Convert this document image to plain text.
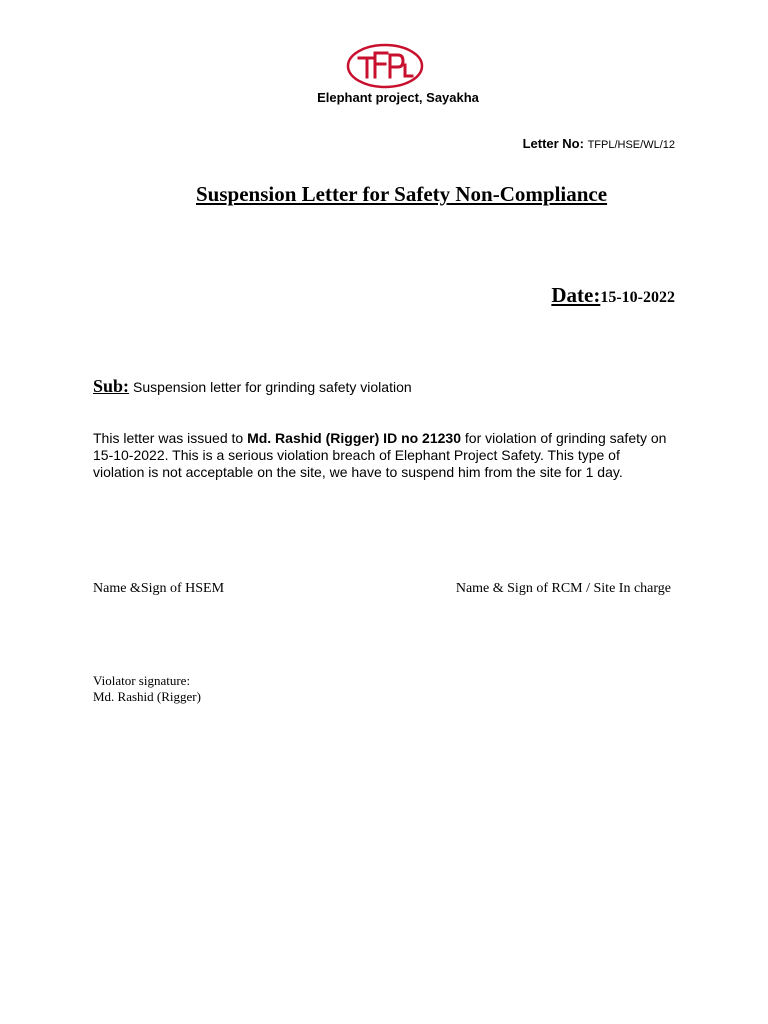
Elephant project, Sayakha
Letter No: TFPL/HSE/WL/12
Suspension Letter for Safety Non-Compliance
Date:15-10-2022
Sub: Suspension letter for grinding safety violation
This letter was issued to Md. Rashid (Rigger) ID no 21230 for violation of grinding safety on 15-10-2022. This is a serious violation breach of Elephant Project Safety. This type of violation is not acceptable on the site, we have to suspend him from the site for 1 day.
Name &Sign of HSEM	Name & Sign of RCM / Site In charge
Violator signature:
Md. Rashid (Rigger)
